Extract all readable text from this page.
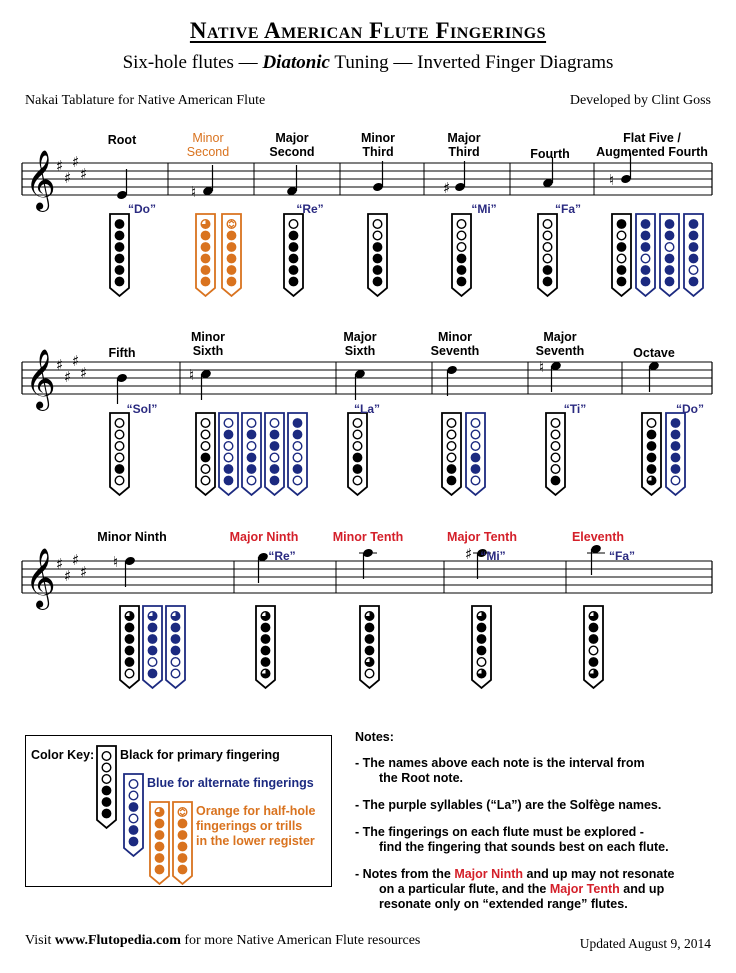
Native American Flute Fingerings
Six-hole flutes — Diatonic Tuning — Inverted Finger Diagrams
Nakai Tablature for Native American Flute	Developed by Clint Goss
𝄞 ♯
♯
♯
♯
♮	♯	♮
𝄞 ♯
♯
♯
♯	♮	♮
𝄞 ♯
♯
♯
♯
♮	♯
Root	Minor
Second
Major
Second
Minor
Third
Major
Third
	Fourth
Flat Five /
Augmented Fourth
“Do”	“Re”	“Mi”	“Fa”

Fifth
Minor
Sixth
Major
Sixth
Minor
Seventh
Major
Seventh
	Octave
“Sol”	“La”	“Ti”	“Do”
Minor Ninth	Major Ninth	Minor Tenth	Major Tenth	Eleventh
“Re”	“Mi”	“Fa”
Color Key: Black for primary fingering
Blue for alternate fingerings
Orange for half-hole
fingerings or trills
in the lower register
Notes:
- The names above each note is the interval from
the Root note.
- The purple syllables (“La”) are the Solfège names.
- The fingerings on each flute must be explored -
find the fingering that sounds best on each flute.
- Notes from the Major Ninth and up may not resonate
on a particular flute, and the Major Tenth and up
resonate only on “extended range” flutes.
Visit www.Flutopedia.com for more Native American Flute resources	Updated August 9, 2014
